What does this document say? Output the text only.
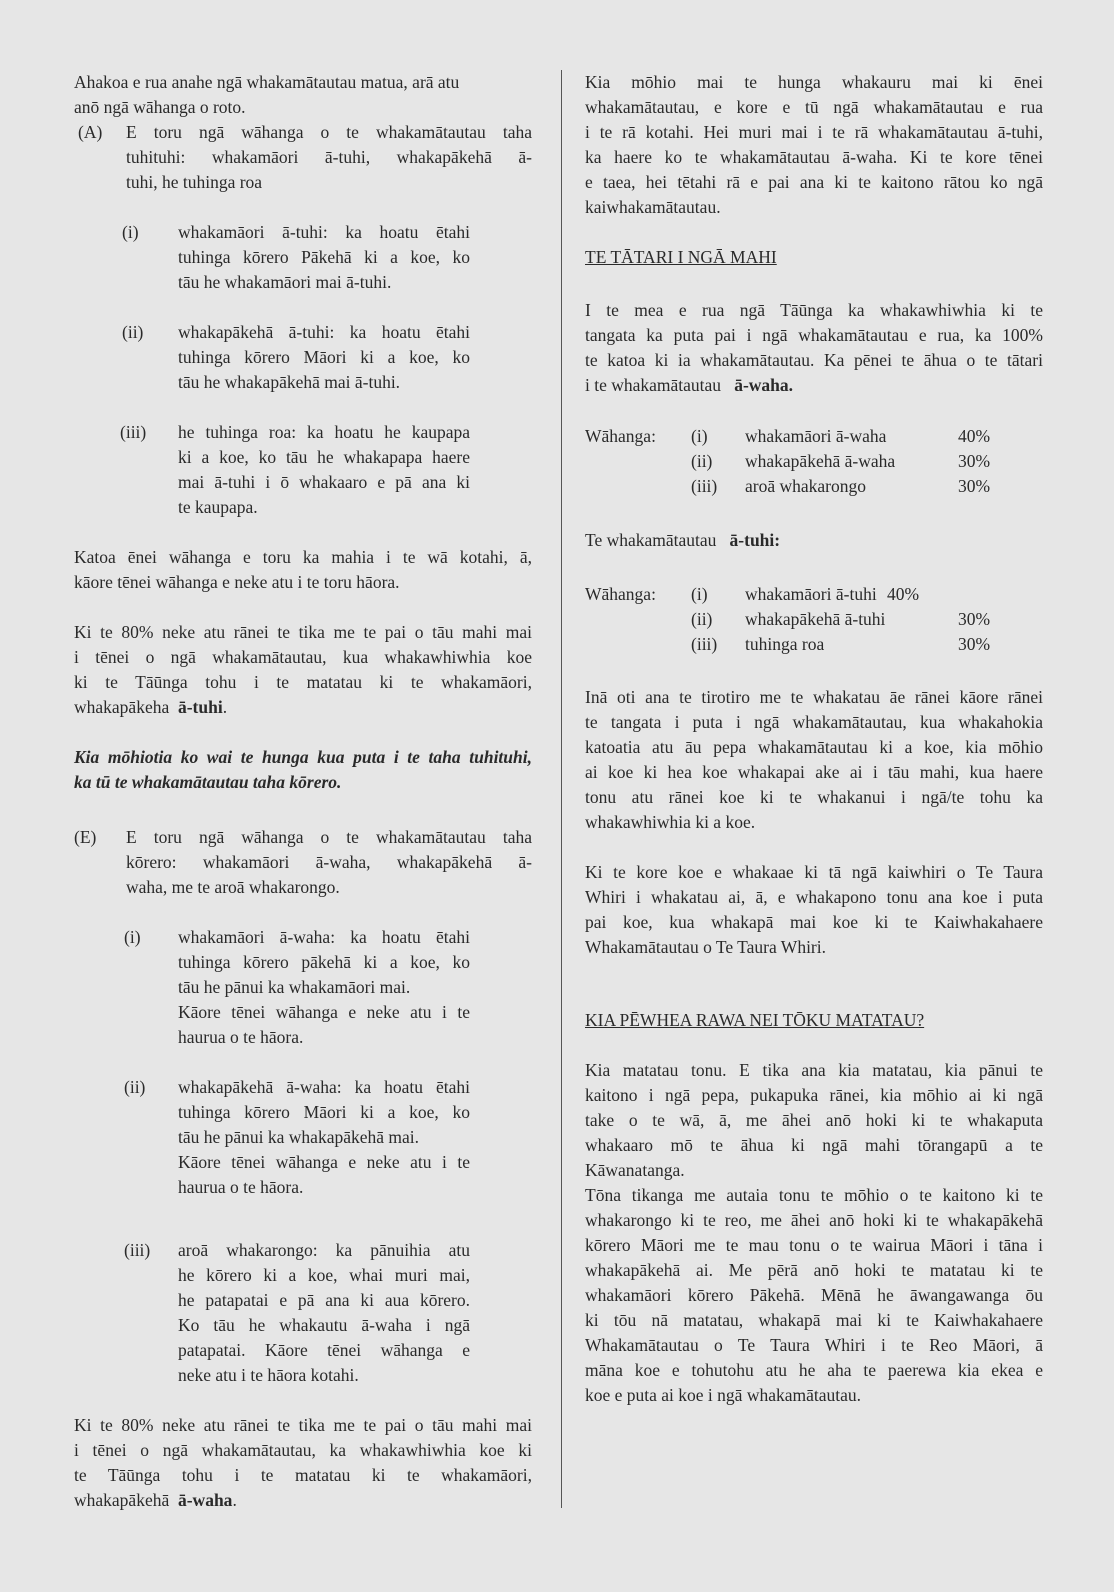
Ahakoa e rua anahe ngā whakamātautau matua, arā atu
anō ngā wāhanga o roto.
(A) E toru ngā wāhanga o te whakamātautau taha
tuhituhi: whakamāori ā-tuhi, whakapākehā ā-
tuhi, he tuhinga roa
(i) whakamāori ā-tuhi: ka hoatu ētahi
tuhinga kōrero Pākehā ki a koe, ko
tāu he whakamāori mai ā-tuhi.
(ii) whakapākehā ā-tuhi: ka hoatu ētahi
tuhinga kōrero Māori ki a koe, ko
tāu he whakapākehā mai ā-tuhi.
(iii) he tuhinga roa: ka hoatu he kaupapa
ki a koe, ko tāu he whakapapa haere
mai ā-tuhi i ō whakaaro e pā ana ki
te kaupapa.
Katoa ēnei wāhanga e toru ka mahia i te wā kotahi, ā,
kāore tēnei wāhanga e neke atu i te toru hāora.
Ki te 80% neke atu rānei te tika me te pai o tāu mahi mai
i tēnei o ngā whakamātautau, kua whakawhiwhia koe
ki te Tāūnga tohu i te matatau ki te whakamāori,
whakapākeha ā-tuhi.
Kia mōhiotia ko wai te hunga kua puta i te taha tuhituhi,
ka tū te whakamātautau taha kōrero.
(E) E toru ngā wāhanga o te whakamātautau taha
kōrero: whakamāori ā-waha, whakapākehā ā-
waha, me te aroā whakarongo.
(i) whakamāori ā-waha: ka hoatu ētahi
tuhinga kōrero pākehā ki a koe, ko
tāu he pānui ka whakamāori mai.
Kāore tēnei wāhanga e neke atu i te
haurua o te hāora.
(ii) whakapākehā ā-waha: ka hoatu ētahi
tuhinga kōrero Māori ki a koe, ko
tāu he pānui ka whakapākehā mai.
Kāore tēnei wāhanga e neke atu i te
haurua o te hāora.
(iii) aroā whakarongo: ka pānuihia atu
he kōrero ki a koe, whai muri mai,
he patapatai e pā ana ki aua kōrero.
Ko tāu he whakautu ā-waha i ngā
patapatai. Kāore tēnei wāhanga e
neke atu i te hāora kotahi.
Ki te 80% neke atu rānei te tika me te pai o tāu mahi mai
i tēnei o ngā whakamātautau, ka whakawhiwhia koe ki
te Tāūnga tohu i te matatau ki te whakamāori,
whakapākehā ā-waha.
Kia mōhio mai te hunga whakauru mai ki ēnei
whakamātautau, e kore e tū ngā whakamātautau e rua
i te rā kotahi. Hei muri mai i te rā whakamātautau ā-tuhi,
ka haere ko te whakamātautau ā-waha. Ki te kore tēnei
e taea, hei tētahi rā e pai ana ki te kaitono rātou ko ngā
kaiwhakamātautau.
TE TĀTARI I NGĀ MAHI
I te mea e rua ngā Tāūnga ka whakawhiwhia ki te
tangata ka puta pai i ngā whakamātautau e rua, ka 100%
te katoa ki ia whakamātautau. Ka pēnei te āhua o te tātari
i te whakamātautau ā-waha.
Wāhanga: (i) whakamāori ā-waha	40%
(ii) whakapākehā ā-waha	30%
(iii) aroā whakarongo	30%
Te whakamātautau ā-tuhi:
Wāhanga: (i) whakamāori ā-tuhi 40%
(ii) whakapākehā ā-tuhi	30%
(iii) tuhinga roa	30%
Inā oti ana te tirotiro me te whakatau āe rānei kāore rānei
te tangata i puta i ngā whakamātautau, kua whakahokia
katoatia atu āu pepa whakamātautau ki a koe, kia mōhio
ai koe ki hea koe whakapai ake ai i tāu mahi, kua haere
tonu atu rānei koe ki te whakanui i ngā/te tohu ka
whakawhiwhia ki a koe.
Ki te kore koe e whakaae ki tā ngā kaiwhiri o Te Taura
Whiri i whakatau ai, ā, e whakapono tonu ana koe i puta
pai koe, kua whakapā mai koe ki te Kaiwhakahaere
Whakamātautau o Te Taura Whiri.
KIA PĒWHEA RAWA NEI TŌKU MATATAU?
Kia matatau tonu. E tika ana kia matatau, kia pānui te
kaitono i ngā pepa, pukapuka rānei, kia mōhio ai ki ngā
take o te wā, ā, me āhei anō hoki ki te whakaputa
whakaaro mō te āhua ki ngā mahi tōrangapū a te
Kāwanatanga.
Tōna tikanga me autaia tonu te mōhio o te kaitono ki te
whakarongo ki te reo, me āhei anō hoki ki te whakapākehā
kōrero Māori me te mau tonu o te wairua Māori i tāna i
whakapākehā ai. Me pērā anō hoki te matatau ki te
whakamāori kōrero Pākehā. Mēnā he āwangawanga ōu
ki tōu nā matatau, whakapā mai ki te Kaiwhakahaere
Whakamātautau o Te Taura Whiri i te Reo Māori, ā
māna koe e tohutohu atu he aha te paerewa kia ekea e
koe e puta ai koe i ngā whakamātautau.
